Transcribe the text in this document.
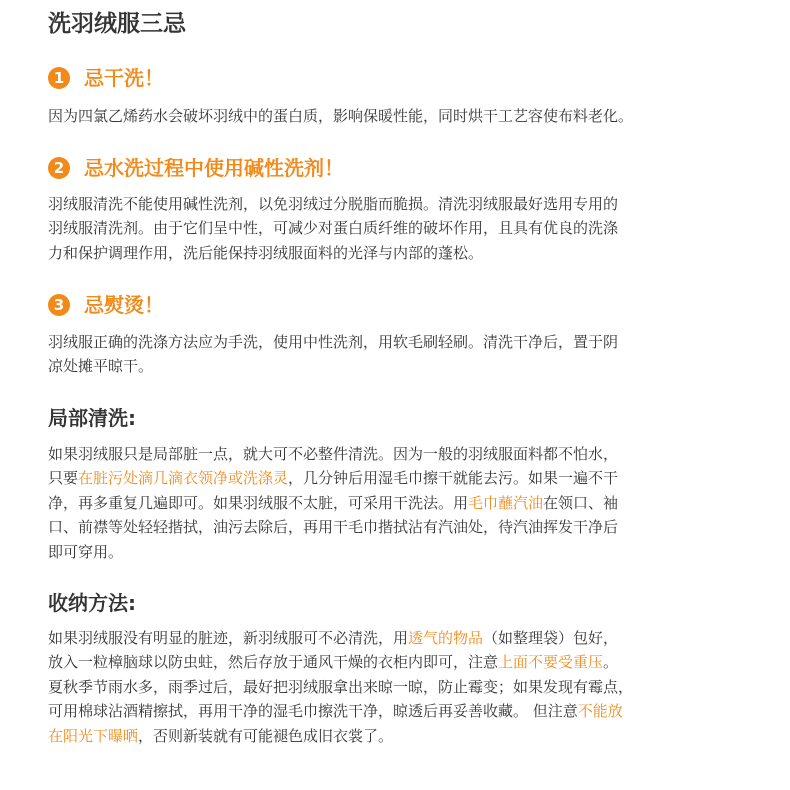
洗羽绒服三忌
1 忌干洗！
因为四氯乙烯药水会破坏羽绒中的蛋白质，影响保暖性能，同时烘干工艺容使布料老化。
2 忌水洗过程中使用碱性洗剂！
羽绒服清洗不能使用碱性洗剂，以免羽绒过分脱脂而脆损。清洗羽绒服最好选用专用的
羽绒服清洗剂。由于它们呈中性，可减少对蛋白质纤维的破坏作用，且具有优良的洗涤
力和保护调理作用，洗后能保持羽绒服面料的光泽与内部的蓬松。
3 忌熨烫！
羽绒服正确的洗涤方法应为手洗，使用中性洗剂，用软毛刷轻刷。清洗干净后，置于阴
凉处摊平晾干。
局部清洗:
如果羽绒服只是局部脏一点，就大可不必整件清洗。因为一般的羽绒服面料都不怕水，
只要在脏污处滴几滴衣领净或洗涤灵，几分钟后用湿毛巾擦干就能去污。如果一遍不干
净，再多重复几遍即可。如果羽绒服不太脏，可采用干洗法。用毛巾蘸汽油在领口、袖
口、前襟等处轻轻揩拭，油污去除后，再用干毛巾揩拭沾有汽油处，待汽油挥发干净后
即可穿用。
收纳方法:
如果羽绒服没有明显的脏迹，新羽绒服可不必清洗，用透气的物品（如整理袋）包好，
放入一粒樟脑球以防虫蛀，然后存放于通风干燥的衣柜内即可，注意上面不要受重压。
夏秋季节雨水多，雨季过后，最好把羽绒服拿出来晾一晾，防止霉变；如果发现有霉点，
可用棉球沾酒精擦拭，再用干净的湿毛巾擦洗干净，晾透后再妥善收藏。 但注意不能放
在阳光下曝晒，否则新装就有可能褪色成旧衣裳了。
